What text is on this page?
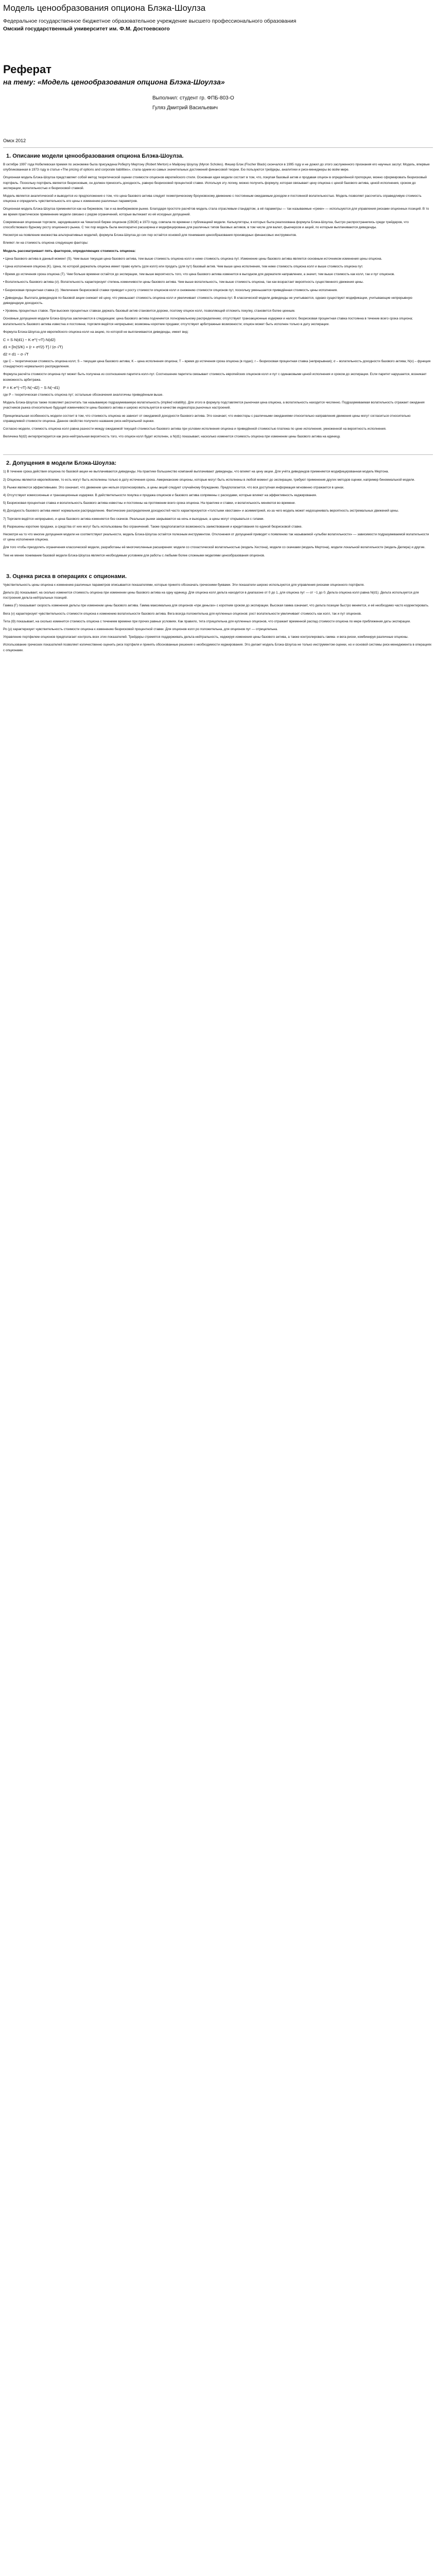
Модель ценообразования опциона Блэка-Шоулза

Федеральное государственное бюджетное образовательное учреждение высшего профессионального образования

Омский государственный университет им. Ф.М. Достоевского

Реферат
на тему: «Модель ценообразования опциона Блэка-Шоулза»

Выполнил: студент гр. ФПБ-803-О

Гуляз Дмитрий Васильевич

Омск 2012
1. Описание модели ценообразования опциона Блэка-Шоулза.

В октябре 1997 года Нобелевская премия по экономике была присуждена Роберту Мертону (Robert Merton) и Майрону Шоулзу (Myron Scholes). Фишер Блэк (Fischer Black) скончался в 1995 году и не дожил до этого заслуженного признания его научных заслуг. Модель, впервые опубликованная в 1973 году в статье «The pricing of options and corporate liabilities», стала одним из самых значительных достижений финансовой теории. Ею пользуются трейдеры, аналитики и риск-менеджеры во всём мире.

Опционная модель Блэка-Шоулза представляет собой метод теоретической оценки стоимости опционов европейского стиля. Основная идея модели состоит в том, что, покупая базовый актив и продавая опцион в определённой пропорции, можно сформировать безрисковый портфель. Поскольку портфель является безрисковым, он должен приносить доходность, равную безрисковой процентной ставке. Используя эту логику, можно получить формулу, которая связывает цену опциона с ценой базового актива, ценой исполнения, сроком до экспирации, волатильностью и безрисковой ставкой.

Модель является аналитической и выводится из предположения о том, что цена базового актива следует геометрическому броуновскому движению с постоянным ожидаемым доходом и постоянной волатильностью. Модель позволяет рассчитать справедливую стоимость опциона и определить чувствительность его цены к изменению различных параметров.

Опционная модель Блэка-Шоулза применяется как на биржевом, так и на внебиржевом рынке. Благодаря простоте расчётов модель стала отраслевым стандартом, а её параметры — так называемые «греки» — используются для управления рисками опционных позиций. В то же время практическое применение модели связано с рядом ограничений, которые вытекают из её исходных допущений.

Современная опционная торговля, зародившаяся на Чикагской бирже опционов (CBOE) в 1973 году, совпала по времени с публикацией модели. Калькуляторы, в которых была реализована формула Блэка-Шоулза, быстро распространились среди трейдеров, что способствовало бурному росту опционного рынка. С тех пор модель была многократно расширена и модифицирована для различных типов базовых активов, в том числе для валют, фьючерсов и акций, по которым выплачиваются дивиденды.

Несмотря на появление множества альтернативных моделей, формула Блэка-Шоулза до сих пор остаётся основой для понимания ценообразования производных финансовых инструментов.

Влияют ли на стоимость опциона следующие факторы:

Модель рассматривает пять факторов, определяющих стоимость опциона:

• Цена базового актива в данный момент (S). Чем выше текущая цена базового актива, тем выше стоимость опциона колл и ниже стоимость опциона пут. Изменение цены базового актива является основным источником изменения цены опциона.

• Цена исполнения опциона (K). Цена, по которой держатель опциона имеет право купить (для колл) или продать (для пут) базовый актив. Чем выше цена исполнения, тем ниже стоимость опциона колл и выше стоимость опциона пут.

• Время до истечения срока опциона (T). Чем больше времени остаётся до экспирации, тем выше вероятность того, что цена базового актива изменится в выгодном для держателя направлении, а значит, тем выше стоимость как колл, так и пут опционов.

• Волатильность базового актива (σ). Волатильность характеризует степень изменчивости цены базового актива. Чем выше волатильность, тем выше стоимость опциона, так как возрастает вероятность существенного движения цены.

• Безрисковая процентная ставка (r). Увеличение безрисковой ставки приводит к росту стоимости опционов колл и снижению стоимости опционов пут, поскольку уменьшается приведённая стоимость цены исполнения.

• Дивиденды. Выплата дивидендов по базовой акции снижает её цену, что уменьшает стоимость опциона колл и увеличивает стоимость опциона пут. В классической модели дивиденды не учитываются, однако существуют модификации, учитывающие непрерывную дивидендную доходность.

• Уровень процентных ставок. При высоких процентных ставках держать базовый актив становится дороже, поэтому опцион колл, позволяющий отложить покупку, становится более ценным.

Основные допущения модели Блэка-Шоулза заключаются в следующем: цена базового актива подчиняется логнормальному распределению; отсутствуют транзакционные издержки и налоги; безрисковая процентная ставка постоянна в течение всего срока опциона; волатильность базового актива известна и постоянна; торговля ведётся непрерывно; возможны короткие продажи; отсутствуют арбитражные возможности; опцион может быть исполнен только в дату экспирации.

Формула Блэка-Шоулза для европейского опциона колл на акцию, по которой не выплачиваются дивиденды, имеет вид:

C = S·N(d1) − K·e^(−rT)·N(d2)
d1 = [ln(S/K) + (r + σ²/2)·T] / (σ·√T)
d2 = d1 − σ·√T

где C – теоретическая стоимость опциона колл; S – текущая цена базового актива; K – цена исполнения опциона; T – время до истечения срока опциона (в годах); r – безрисковая процентная ставка (непрерывная); σ – волатильность доходности базового актива; N(x) – функция стандартного нормального распределения.

Формула расчёта стоимости опциона пут может быть получена из соотношения паритета колл-пут. Соотношение паритета связывает стоимость европейских опционов колл и пут с одинаковыми ценой исполнения и сроком до экспирации. Если паритет нарушается, возникает возможность арбитража.

P = K·e^(−rT)·N(−d2) − S·N(−d1)

где P – теоретическая стоимость опциона пут; остальные обозначения аналогичны приведённым выше.

Модель Блэка-Шоулза также позволяет рассчитать так называемую подразумеваемую волатильность (implied volatility). Для этого в формулу подставляется рыночная цена опциона, а волатильность находится численно. Подразумеваемая волатильность отражает ожидания участников рынка относительно будущей изменчивости цены базового актива и широко используется в качестве индикатора рыночных настроений.

Принципиальная особенность модели состоит в том, что стоимость опциона не зависит от ожидаемой доходности базового актива. Это означает, что инвесторы с различными ожиданиями относительно направления движения цены могут согласиться относительно справедливой стоимости опциона. Данное свойство получило название риск-нейтральной оценки.

Согласно модели, стоимость опциона колл равна разности между ожидаемой текущей стоимостью базового актива при условии исполнения опциона и приведённой стоимостью платежа по цене исполнения, умноженной на вероятность исполнения.

Величина N(d2) интерпретируется как риск-нейтральная вероятность того, что опцион колл будет исполнен, а N(d1) показывает, насколько изменится стоимость опциона при изменении цены базового актива на единицу.

2. Допущения в модели Блэка-Шоулза:

1) В течение срока действия опциона по базовой акции не выплачиваются дивиденды. На практике большинство компаний выплачивают дивиденды, что влияет на цену акции. Для учёта дивидендов применяется модифицированная модель Мертона.

2) Опционы являются европейскими, то есть могут быть исполнены только в дату истечения срока. Американские опционы, которые могут быть исполнены в любой момент до экспирации, требуют применения других методов оценки, например биномиальной модели.

3) Рынки являются эффективными. Это означает, что движение цен нельзя спрогнозировать, а цены акций следуют случайному блужданию. Предполагается, что вся доступная информация мгновенно отражается в ценах.

4) Отсутствуют комиссионные и транзакционные издержки. В действительности покупка и продажа опционов и базового актива сопряжены с расходами, которые влияют на эффективность хеджирования.

5) Безрисковая процентная ставка и волатильность базового актива известны и постоянны на протяжении всего срока опциона. На практике и ставки, и волатильность меняются во времени.

6) Доходность базового актива имеет нормальное распределение. Фактические распределения доходностей часто характеризуются «толстыми хвостами» и асимметрией, из-за чего модель может недооценивать вероятность экстремальных движений цены.

7) Торговля ведётся непрерывно, и цена базового актива изменяется без скачков. Реальные рынки закрываются на ночь и выходные, а цены могут открываться с гэпами.

8) Разрешены короткие продажи, а средства от них могут быть использованы без ограничений. Также предполагается возможность заимствования и кредитования по единой безрисковой ставке.

Несмотря на то что многие допущения модели не соответствуют реальности, модель Блэка-Шоулза остаётся полезным инструментом. Отклонения от допущений приводят к появлению так называемой «улыбки волатильности» — зависимости подразумеваемой волатильности от цены исполнения опциона.

Для того чтобы преодолеть ограничения классической модели, разработаны её многочисленные расширения: модели со стохастической волатильностью (модель Хестона), модели со скачками (модель Мертона), модели локальной волатильности (модель Дюпира) и другие.

Тем не менее понимание базовой модели Блэка-Шоулза является необходимым условием для работы с любыми более сложными моделями ценообразования опционов.

3. Оценка риска в операциях с опционами.

Чувствительность цены опциона к изменению различных параметров описывается показателями, которые принято обозначать греческими буквами. Эти показатели широко используются для управления рисками опционного портфеля.

Дельта (Δ) показывает, на сколько изменится стоимость опциона при изменении цены базового актива на одну единицу. Для опциона колл дельта находится в диапазоне от 0 до 1, для опциона пут — от −1 до 0. Дельта опциона колл равна N(d1). Дельта используется для построения дельта-нейтральных позиций.

Гамма (Γ) показывает скорость изменения дельты при изменении цены базового актива. Гамма максимальна для опционов «при деньгах» с коротким сроком до экспирации. Высокая гамма означает, что дельта позиции быстро меняется, и её необходимо часто корректировать.

Вега (ν) характеризует чувствительность стоимости опциона к изменению волатильности базового актива. Вега всегда положительна для купленных опционов: рост волатильности увеличивает стоимость как колл, так и пут опционов.

Тета (Θ) показывает, на сколько изменится стоимость опциона с течением времени при прочих равных условиях. Как правило, тета отрицательна для купленных опционов, что отражает временной распад стоимости опциона по мере приближения даты экспирации.

Ро (ρ) характеризует чувствительность стоимости опциона к изменению безрисковой процентной ставки. Для опционов колл ро положительна, для опционов пут — отрицательна.

Управление портфелем опционов предполагает контроль всех этих показателей. Трейдеры стремятся поддерживать дельта-нейтральность, хеджируя изменения цены базового актива, а также контролировать гамма- и вега-риски, комбинируя различные опционы.

Использование греческих показателей позволяет количественно оценить риск портфеля и принять обоснованные решения о необходимости хеджирования. Это делает модель Блэка-Шоулза не только инструментом оценки, но и основой системы риск-менеджмента в операциях с опционами.
